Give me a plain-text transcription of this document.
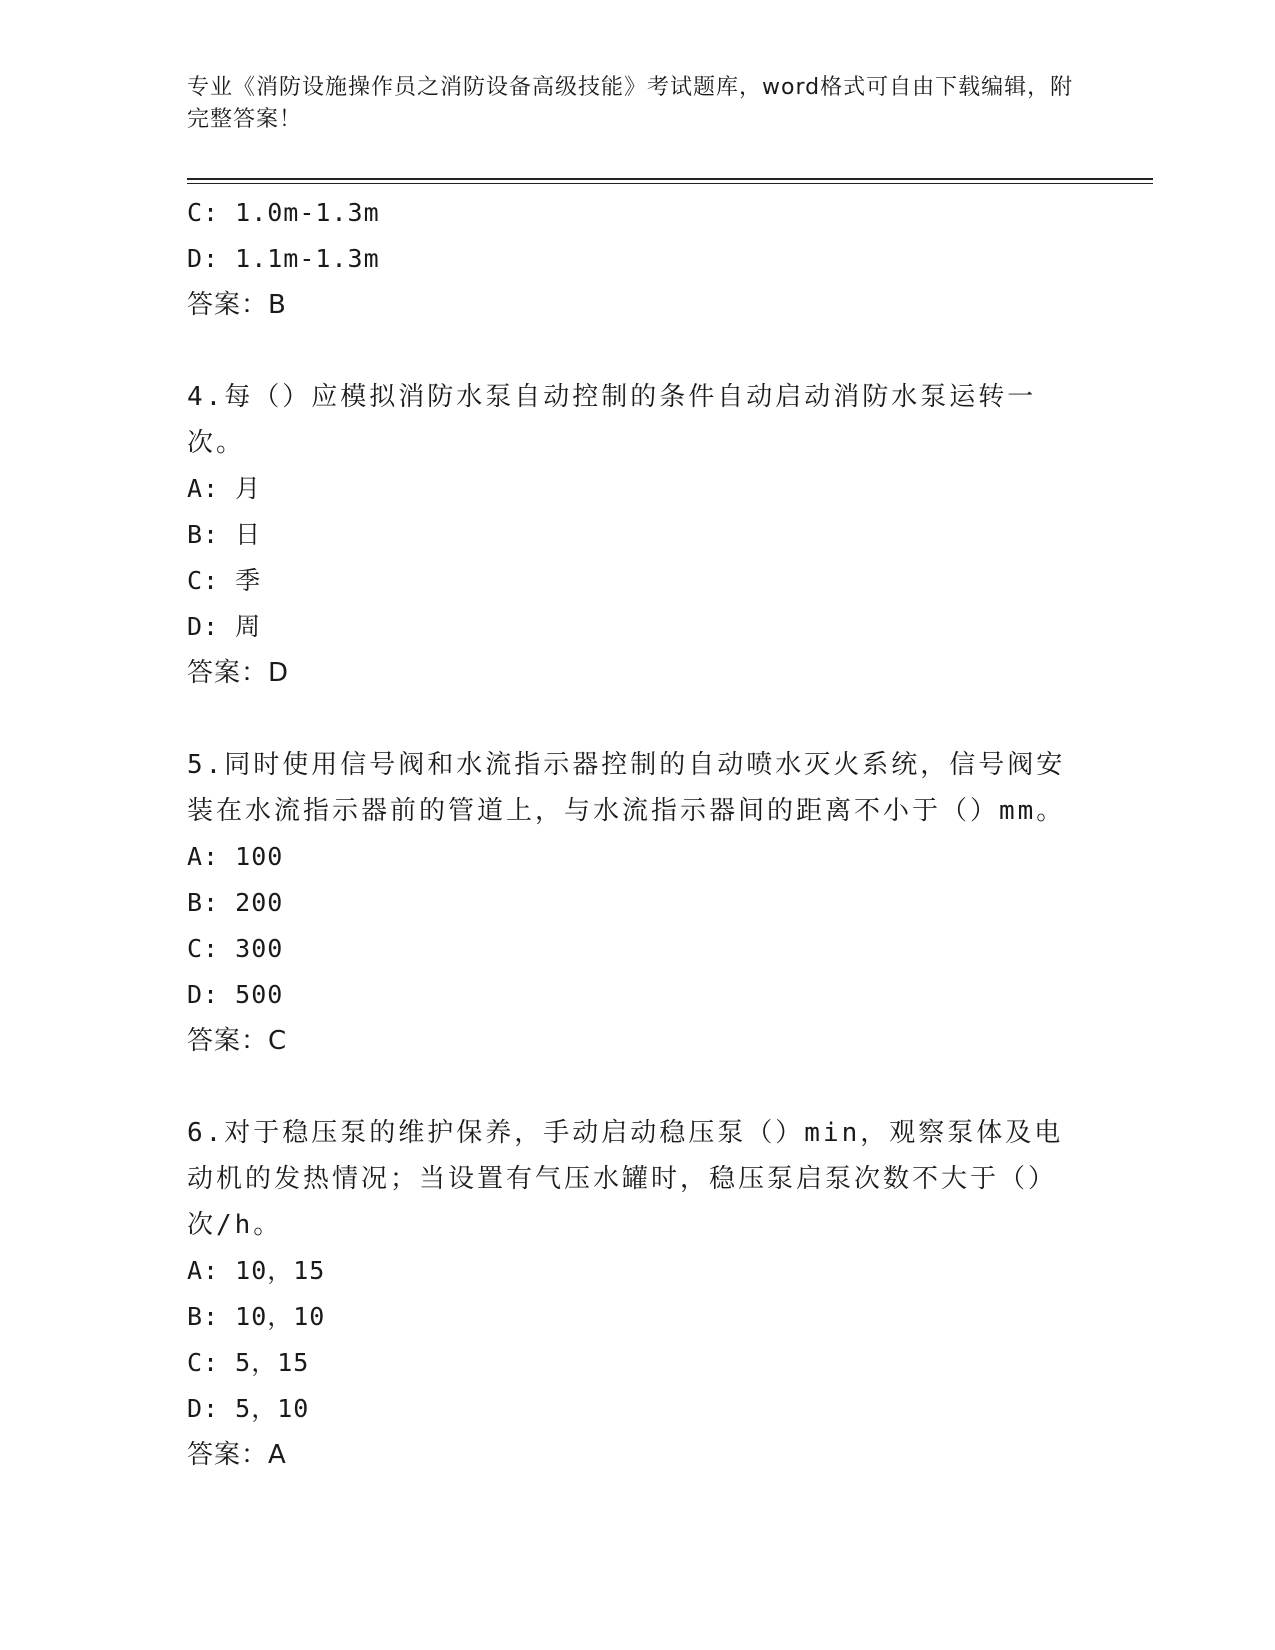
专业《消防设施操作员之消防设备高级技能》考试题库，word格式可自由下载编辑，附完整答案！
C: 1.0m-1.3m
D: 1.1m-1.3m
答案：B
4.每（）应模拟消防水泵自动控制的条件自动启动消防水泵运转一次。
A: 月
B: 日
C: 季
D: 周
答案：D
5.同时使用信号阀和水流指示器控制的自动喷水灭火系统，信号阀安装在水流指示器前的管道上，与水流指示器间的距离不小于（）mm。
A: 100
B: 200
C: 300
D: 500
答案：C
6.对于稳压泵的维护保养，手动启动稳压泵（）min，观察泵体及电动机的发热情况；当设置有气压水罐时，稳压泵启泵次数不大于（）次/h。
A: 10，15
B: 10，10
C: 5，15
D: 5，10
答案：A
